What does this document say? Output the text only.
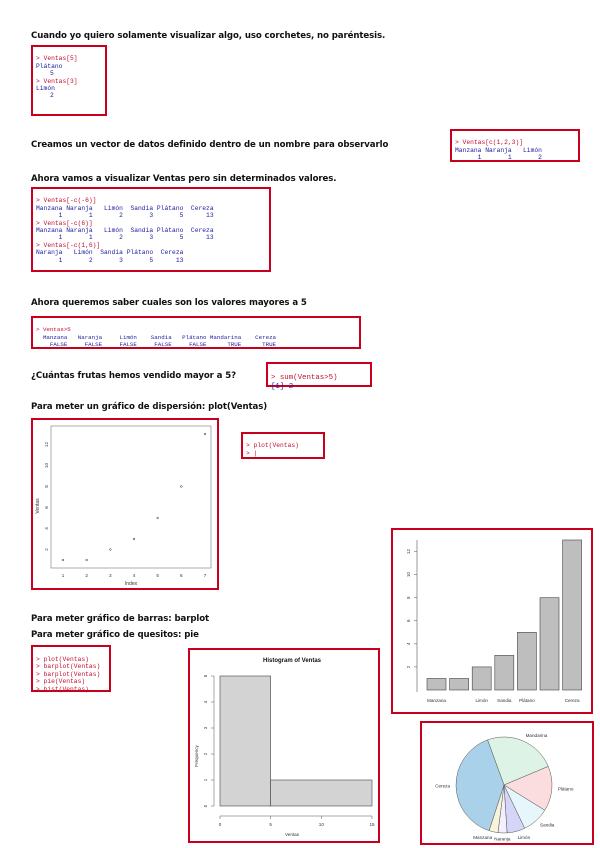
Cuando yo quiero solamente visualizar algo, uso corchetes, no paréntesis.
Creamos un vector de datos definido dentro de un nombre para observarlo
Ahora vamos a visualizar Ventas pero sin determinados valores.
Ahora queremos saber cuales son los valores mayores a 5
¿Cuántas frutas hemos vendido mayor a 5?
Para meter un gráfico de dispersión: plot(Ventas)
Para meter gráfico de barras: barplot
Para meter gráfico de quesitos: pie

> Ventas[5]
Plátano
5
> Ventas[3]
Limón
2

> Ventas[c(1,2,3)]
Manzana Naranja   Limón
1       1       2

> Ventas[-c(-6)]
Manzana Naranja   Limón  Sandia Plátano  Cereza
1       1       2       3       5      13
> Ventas[-c(6)]
Manzana Naranja   Limón  Sandia Plátano  Cereza
1       1       2       3       5      13
> Ventas[-c(1,6)]
Naranja   Limón  Sandia Plátano  Cereza
1       2       3       5      13

> Ventas>5
Manzana   Naranja     Limón    Sandia   Plátano Mandarina    Cereza
FALSE     FALSE     FALSE     FALSE     FALSE      TRUE      TRUE

> sum(Ventas>5)
[1] 2

> plot(Ventas)
> |

> plot(Ventas)
> barplot(Ventas)
> barplot(Ventas)
> pie(Ventas)
> hist(Ventas)

Ventas
Index
1	2	3	4	5	6	7
2
4
6
8
10
12
2
4
6
8
10
12
Manzana	Limón Sandia Plátano	Cereza
Histogram of Ventas
Frequency
Ventas
0
1
2
3
4
5
0	5	10	15
Plátano
Sandia
Limón
Naranja
Manzana
Cereza
Mandarina
